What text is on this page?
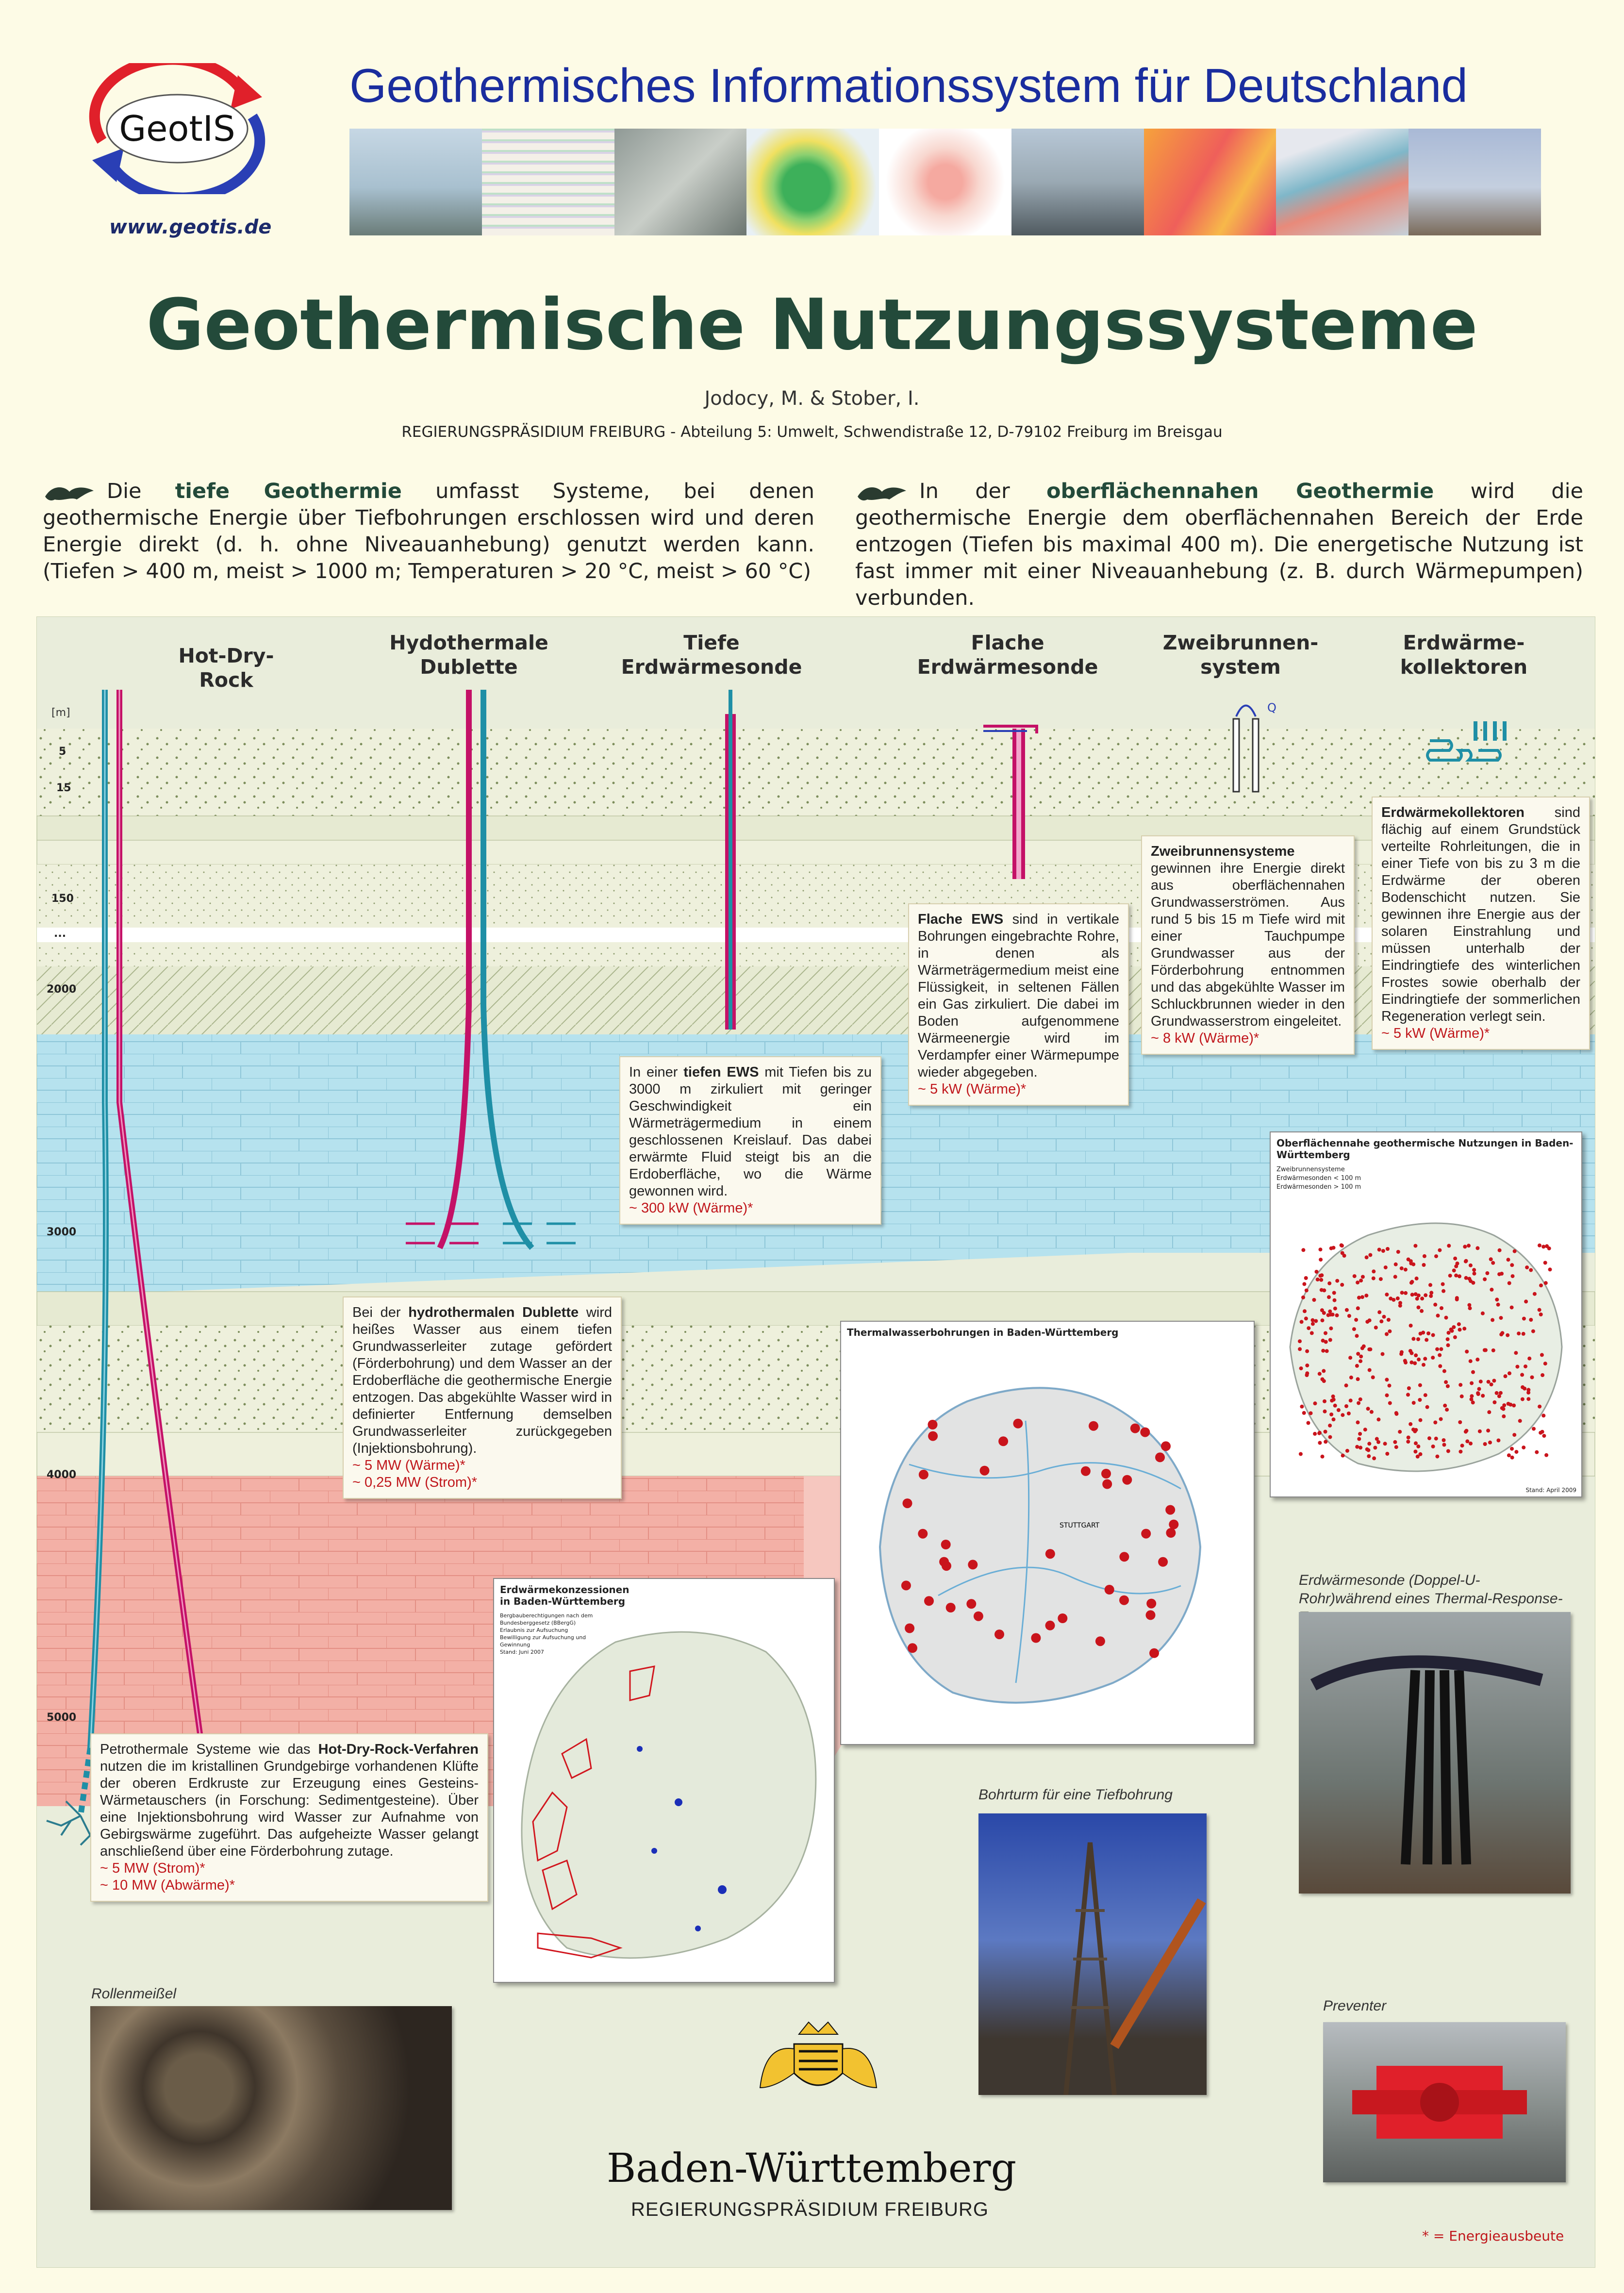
GeotIS
www.geotis.de
Geothermisches Informationssystem für Deutschland
Geothermische Nutzungssysteme
Jodocy, M. & Stober, I.
REGIERUNGSPRÄSIDIUM FREIBURG - Abteilung 5: Umwelt, Schwendistraße 12, D-79102 Freiburg im Breisgau
Die tiefe Geothermie umfasst Systeme, bei denen geothermische Energie über Tiefbohrungen erschlossen wird und deren Energie direkt (d. h. ohne Niveauanhebung) genutzt werden kann. (Tiefen > 400 m, meist > 1000 m; Temperaturen > 20 °C, meist > 60 °C)
In der oberflächennahen Geothermie wird die geothermische Energie dem oberflächennahen Bereich der Erde entzogen (Tiefen bis maximal 400 m). Die energetische Nutzung ist fast immer mit einer Niveauanhebung (z. B. durch Wärmepumpen) verbunden.
Hot-Dry-Rock
Hydothermale
Dublette
Tiefe
Erdwärmesonde
Flache
Erdwärmesonde
Zweibrunnen-
system
Erdwärme-
kollektoren
Q
[m]
5
15
150
...
2000
3000
4000
5000
Petrothermale Systeme wie das Hot-Dry-Rock-Verfahren nutzen die im kristallinen Grundgebirge vorhandenen Klüfte der oberen Erdkruste zur Erzeugung eines Gesteins-Wärmetauschers (in Forschung: Sedimentgesteine). Über eine Injektionsbohrung wird Wasser zur Aufnahme von Gebirgswärme zugeführt. Das aufgeheizte Wasser gelangt anschließend über eine Förderbohrung zutage.
~ 5 MW (Strom)*
~ 10 MW (Abwärme)*
Bei der hydrothermalen Dublette wird heißes Wasser aus einem tiefen Grundwasserleiter zutage gefördert (Förderbohrung) und dem Wasser an der Erdoberfläche die geothermische Energie entzogen. Das abgekühlte Wasser wird in definierter Entfernung demselben Grundwasserleiter zurückgegeben (Injektionsbohrung).
~ 5 MW (Wärme)*
~ 0,25 MW (Strom)*
In einer tiefen EWS mit Tiefen bis zu 3000 m zirkuliert mit geringer Geschwindigkeit ein Wärmeträgermedium in einem geschlossenen Kreislauf. Das dabei erwärmte Fluid steigt bis an die Erdoberfläche, wo die Wärme gewonnen wird.
~ 300 kW (Wärme)*
Flache EWS sind in vertikale Bohrungen eingebrachte Rohre, in denen als Wärmeträgermedium meist eine Flüssigkeit, in seltenen Fällen ein Gas zirkuliert. Die dabei im Boden aufgenommene Wärmeenergie wird im Verdampfer einer Wärmepumpe wieder abgegeben.
~ 5 kW (Wärme)*
Zweibrunnensysteme gewinnen ihre Energie direkt aus oberflächennahen Grundwasserströmen. Aus rund 5 bis 15 m Tiefe wird mit einer Tauchpumpe Grundwasser aus der Förderbohrung entnommen und das abgekühlte Wasser im Schluckbrunnen wieder in den Grundwasserstrom eingeleitet.
~ 8 kW (Wärme)*
Erdwärmekollektoren sind flächig auf einem Grundstück verteilte Rohrleitungen, die in einer Tiefe von bis zu 3 m die Erdwärme der oberen Bodenschicht nutzen. Sie gewinnen ihre Energie aus der solaren Einstrahlung und müssen unterhalb der Eindringtiefe des winterlichen Frostes sowie oberhalb der Eindringtiefe der sommerlichen Regeneration verlegt sein.
~ 5 kW (Wärme)*
Oberflächennahe geothermische Nutzungen in Baden-Württemberg
Zweibrunnensysteme
Erdwärmesonden < 100 m
Erdwärmesonden > 100 m
Stand: April 2009
Thermalwasserbohrungen in Baden-Württemberg
STUTTGART
Erdwärmekonzessionen in Baden-Württemberg
Bergbauberechtigungen nach dem Bundesberggesetz (BBergG)
Erlaubnis zur Aufsuchung
Bewilligung zur Aufsuchung und Gewinnung
Stand: Juni 2007
Rollenmeißel
Bohrturm für eine Tiefbohrung
Erdwärmesonde (Doppel-U-Rohr)während eines Thermal-Response-
Preventer
Baden-Württemberg
REGIERUNGSPRÄSIDIUM FREIBURG
* = Energieausbeute
